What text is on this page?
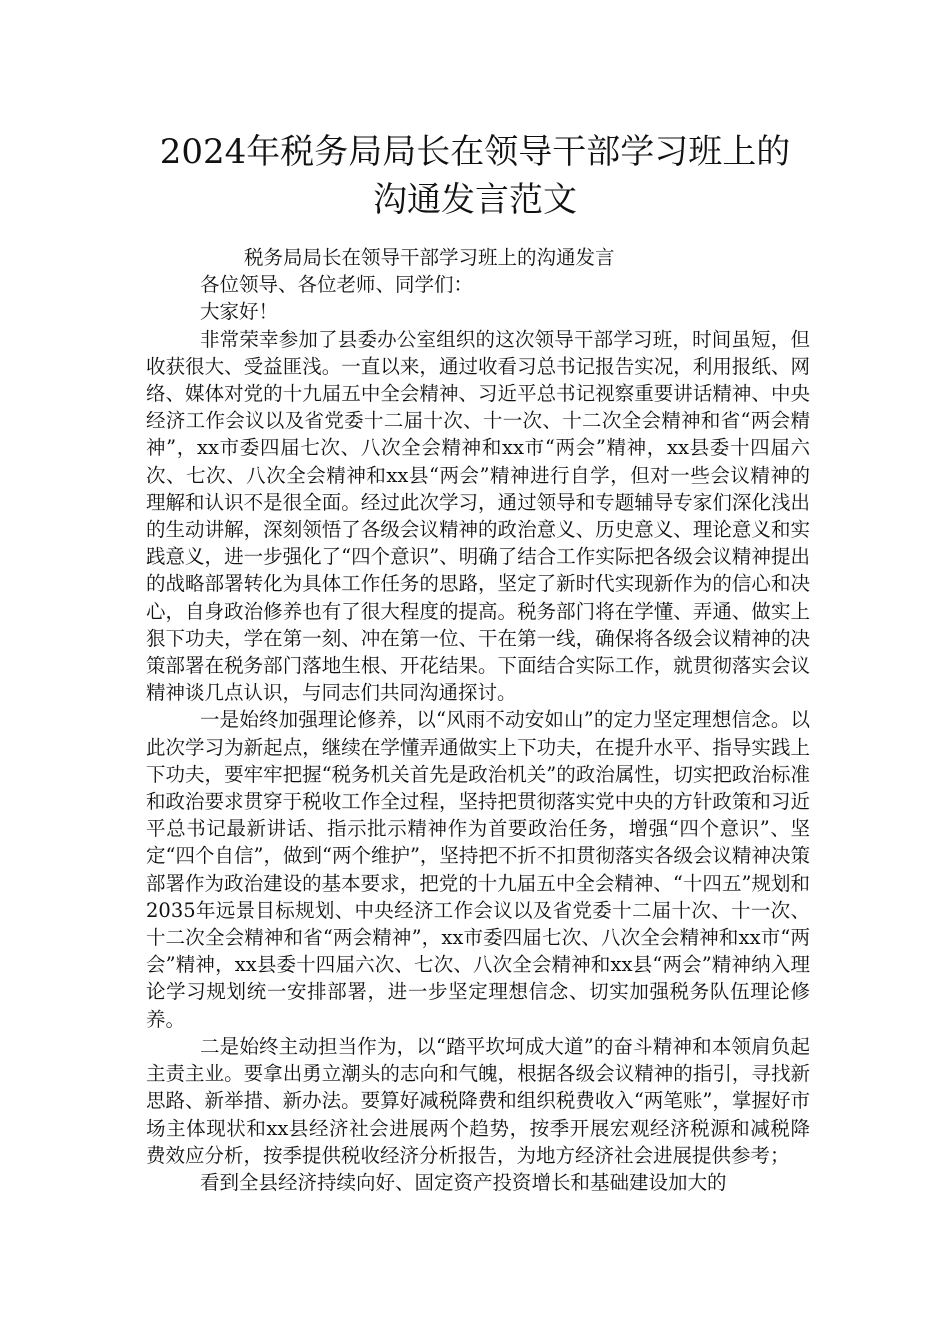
2024年税务局局长在领导干部学习班上的
沟通发言范文

税务局局长在领导干部学习班上的沟通发言

各位领导、各位老师、同学们：

大家好！

非常荣幸参加了县委办公室组织的这次领导干部学习班，时间虽短，但收获很大、受益匪浅。一直以来，通过收看习总书记报告实况，利用报纸、网络、媒体对党的十九届五中全会精神、习近平总书记视察重要讲话精神、中央经济工作会议以及省党委十二届十次、十一次、十二次全会精神和省“两会精神”，xx市委四届七次、八次全会精神和xx市“两会”精神，xx县委十四届六次、七次、八次全会精神和xx县“两会”精神进行自学，但对一些会议精神的理解和认识不是很全面。经过此次学习，通过领导和专题辅导专家们深化浅出的生动讲解，深刻领悟了各级会议精神的政治意义、历史意义、理论意义和实践意义，进一步强化了“四个意识”、明确了结合工作实际把各级会议精神提出的战略部署转化为具体工作任务的思路，坚定了新时代实现新作为的信心和决心，自身政治修养也有了很大程度的提高。税务部门将在学懂、弄通、做实上狠下功夫，学在第一刻、冲在第一位、干在第一线，确保将各级会议精神的决策部署在税务部门落地生根、开花结果。下面结合实际工作，就贯彻落实会议精神谈几点认识，与同志们共同沟通探讨。

一是始终加强理论修养，以“风雨不动安如山”的定力坚定理想信念。以此次学习为新起点，继续在学懂弄通做实上下功夫，在提升水平、指导实践上下功夫，要牢牢把握“税务机关首先是政治机关”的政治属性，切实把政治标准和政治要求贯穿于税收工作全过程，坚持把贯彻落实党中央的方针政策和习近平总书记最新讲话、指示批示精神作为首要政治任务，增强“四个意识”、坚定“四个自信”，做到“两个维护”，坚持把不折不扣贯彻落实各级会议精神决策部署作为政治建设的基本要求，把党的十九届五中全会精神、“十四五”规划和2035年远景目标规划、中央经济工作会议以及省党委十二届十次、十一次、十二次全会精神和省“两会精神”，xx市委四届七次、八次全会精神和xx市“两会”精神，xx县委十四届六次、七次、八次全会精神和xx县“两会”精神纳入理论学习规划统一安排部署，进一步坚定理想信念、切实加强税务队伍理论修养。

二是始终主动担当作为，以“踏平坎坷成大道”的奋斗精神和本领肩负起主责主业。要拿出勇立潮头的志向和气魄，根据各级会议精神的指引，寻找新思路、新举措、新办法。要算好减税降费和组织税费收入“两笔账”，掌握好市场主体现状和xx县经济社会进展两个趋势，按季开展宏观经济税源和减税降费效应分析，按季提供税收经济分析报告，为地方经济社会进展提供参考；

看到全县经济持续向好、固定资产投资增长和基础建设加大的
